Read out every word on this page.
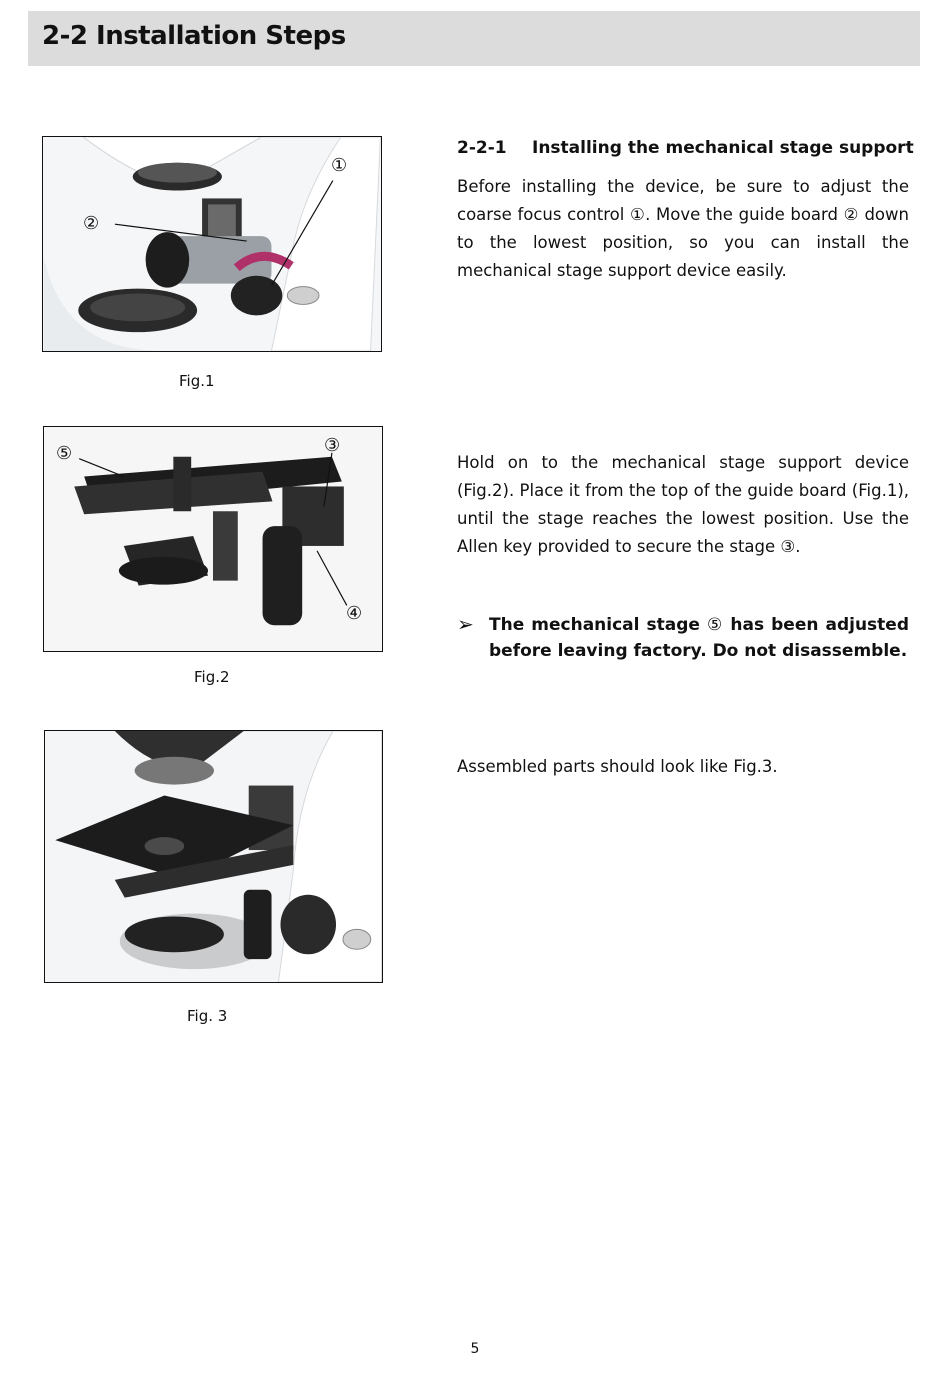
2-2 Installation Steps
①
②
Fig.1
⑤	③
④
Fig.2
Fig. 3
2-2-1 Installing the mechanical stage support
Before installing the device, be sure to adjust the coarse focus control ①. Move the guide board ② down to the lowest position, so you can install the mechanical stage support device easily.
Hold on to the mechanical stage support device (Fig.2). Place it from the top of the guide board (Fig.1), until the stage reaches the lowest position. Use the Allen key provided to secure the stage ③.
➢ The mechanical stage ⑤ has been adjusted before leaving factory. Do not disassemble.
Assembled parts should look like Fig.3.
5
